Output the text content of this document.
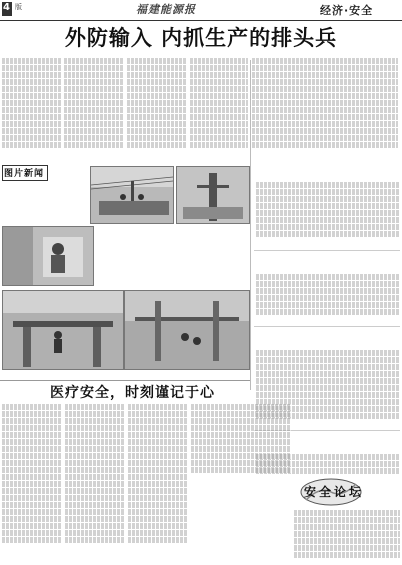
4 版	福建能源报	经济·安全
外防输入 内抓生产的排头兵
图片新闻
医疗安全，时刻谨记于心
安全论坛
